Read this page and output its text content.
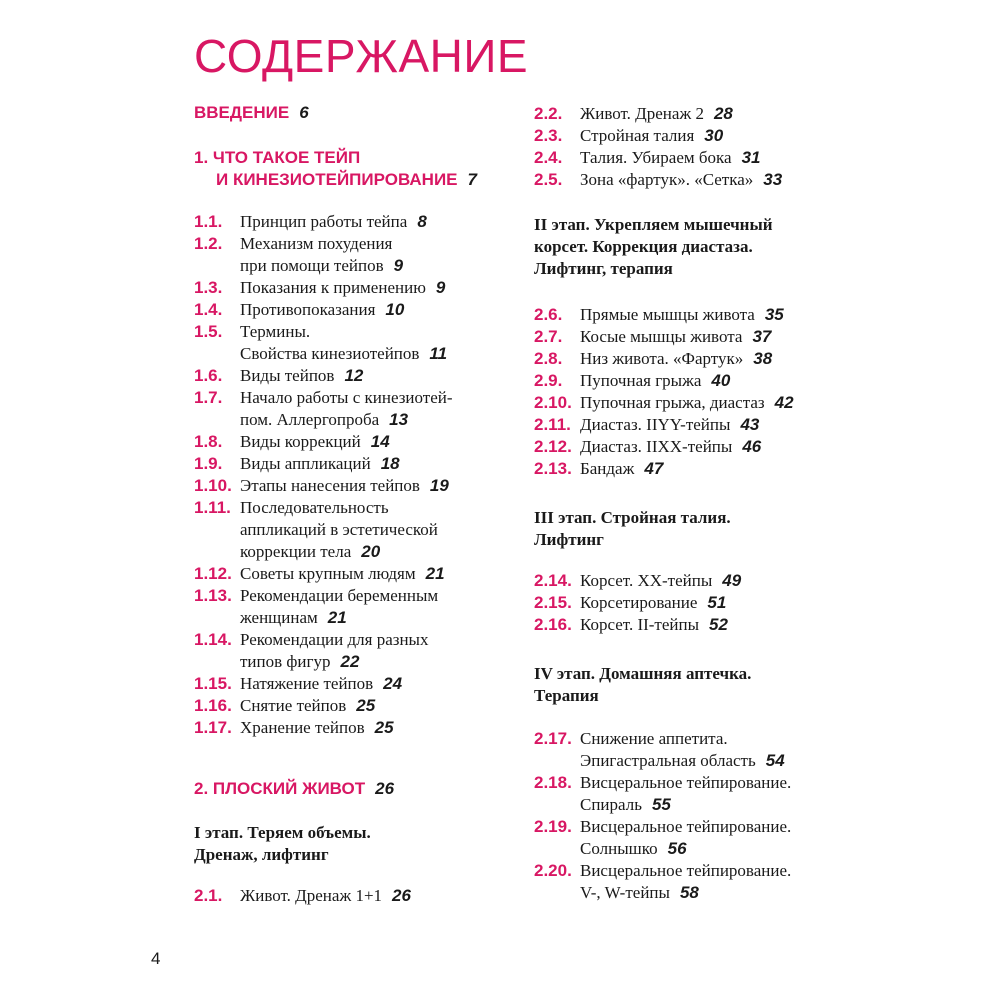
СОДЕРЖАНИЕ
ВВЕДЕНИЕ 6
1. ЧТО ТАКОЕ ТЕЙП
И КИНЕЗИОТЕЙПИРОВАНИЕ 7
1.1.	Принцип работы тейпа 8
1.2.	Механизм похудения
при помощи тейпов 9
1.3.	Показания к применению 9
1.4.	Противопоказания 10
1.5.	Термины.
Свойства кинезиотейпов 11
1.6.	Виды тейпов 12
1.7.	Начало работы с кинезиотей-
пом. Аллергопроба 13
1.8.	Виды коррекций 14
1.9.	Виды аппликаций 18
1.10. Этапы нанесения тейпов 19
1.11. Последовательность
аппликаций в эстетической
коррекции тела 20
1.12. Советы крупным людям 21
1.13. Рекомендации беременным
женщинам 21
1.14. Рекомендации для разных
типов фигур 22
1.15. Натяжение тейпов 24
1.16. Снятие тейпов 25
1.17. Хранение тейпов 25
2. ПЛОСКИЙ ЖИВОТ 26
I этап. Теряем объемы.
Дренаж, лифтинг
2.1.	Живот. Дренаж 1+1 26
2.2.	Живот. Дренаж 2 28
2.3.	Стройная талия 30
2.4.	Талия. Убираем бока 31
2.5.	Зона «фартук». «Сетка» 33
II этап. Укрепляем мышечный
корсет. Коррекция диастаза.
Лифтинг, терапия
2.6.	Прямые мышцы живота 35
2.7.	Косые мышцы живота 37
2.8.	Низ живота. «Фартук» 38
2.9.	Пупочная грыжа 40
2.10. Пупочная грыжа, диастаз 42
2.11. Диастаз. IIYY-тейпы 43
2.12. Диастаз. IIXX-тейпы 46
2.13. Бандаж 47
III этап. Стройная талия.
Лифтинг
2.14. Корсет. XX-тейпы 49
2.15. Корсетирование 51
2.16. Корсет. II-тейпы 52
IV этап. Домашняя аптечка.
Терапия
2.17. Снижение аппетита.
Эпигастральная область 54
2.18. Висцеральное тейпирование.
Спираль 55
2.19. Висцеральное тейпирование.
Солнышко 56
2.20. Висцеральное тейпирование.
V-, W-тейпы 58
4
